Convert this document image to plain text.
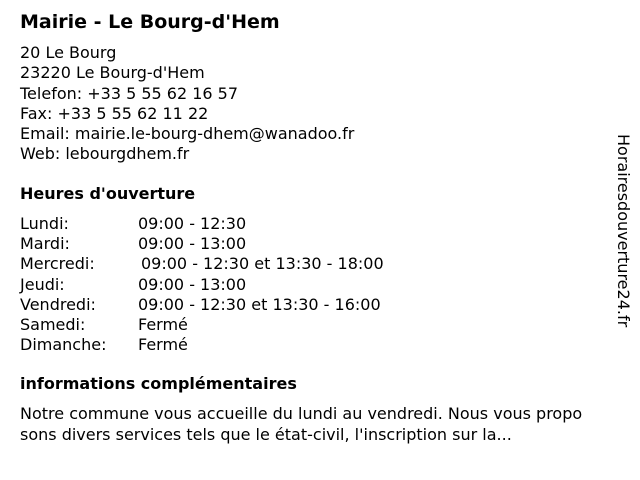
Mairie - Le Bourg-d'Hem
20 Le Bourg
23220 Le Bourg-d'Hem
Telefon: +33 5 55 62 16 57
Fax: +33 5 55 62 11 22
Email: mairie.le-bourg-dhem@wanadoo.fr
Web: lebourgdhem.fr
Heures d'ouverture
Lundi:	09:00 - 12:30
Mardi:	09:00 - 13:00
Mercredi:	09:00 - 12:30 et 13:30 - 18:00
Jeudi:	09:00 - 13:00
Vendredi:	09:00 - 12:30 et 13:30 - 16:00
Samedi:	Fermé
Dimanche: Fermé
informations complémentaires
Notre commune vous accueille du lundi au vendredi. Nous vous propo
sons divers services tels que le état-civil, l'inscription sur la...
Horairesdouverture24.fr
